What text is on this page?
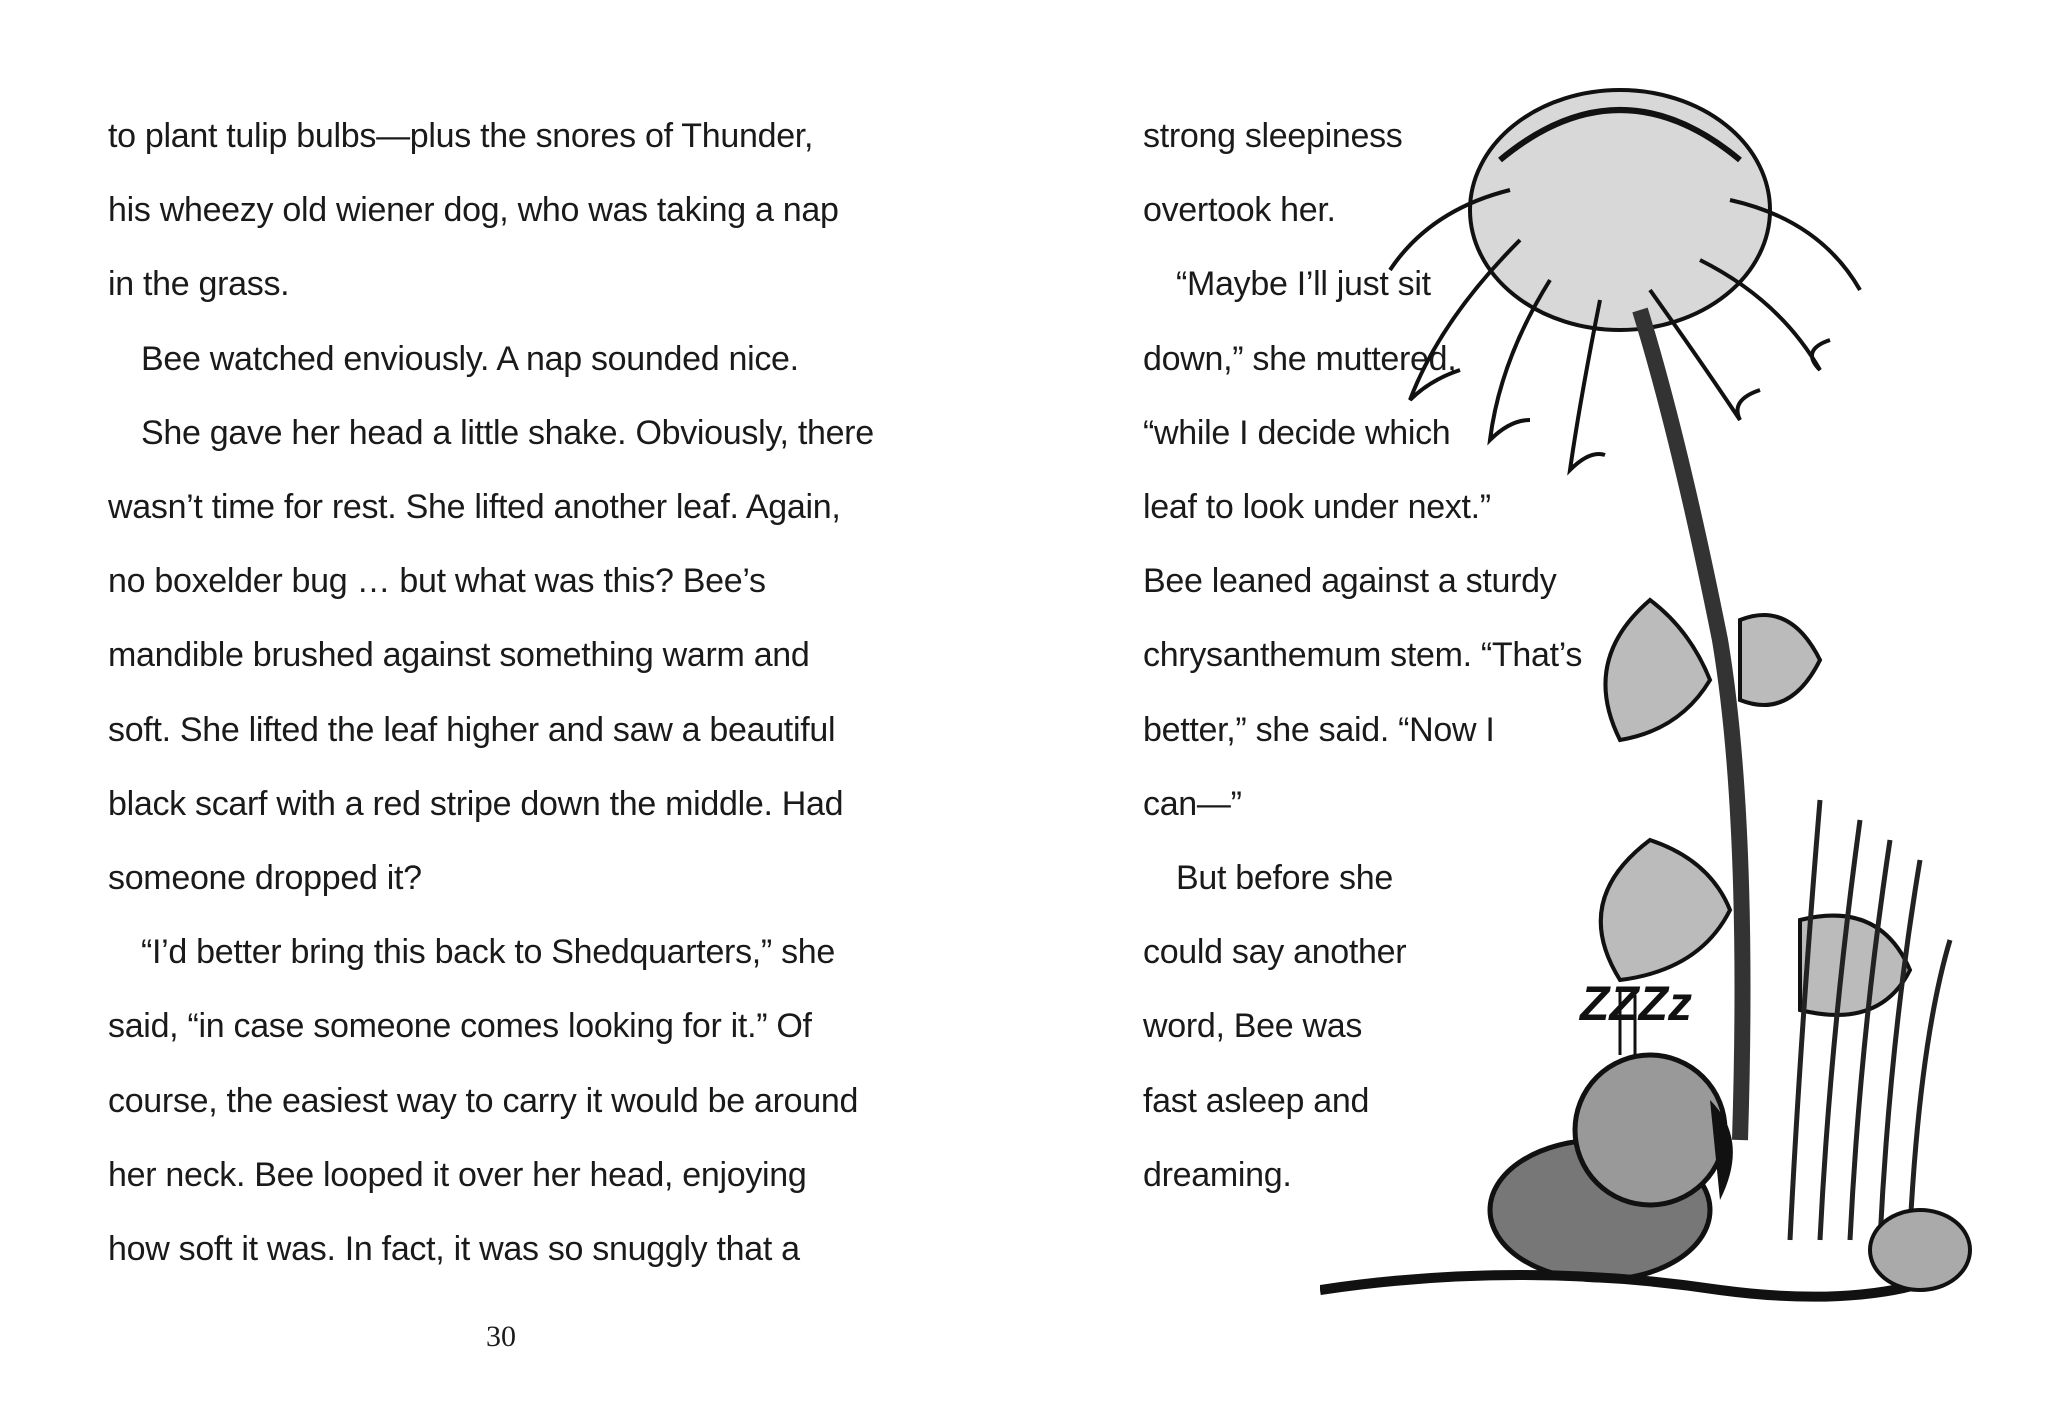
to plant tulip bulbs—plus the snores of Thunder,
his wheezy old wiener dog, who was taking a nap
in the grass.
Bee watched enviously. A nap sounded nice.
She gave her head a little shake. Obviously, there
wasn’t time for rest. She lifted another leaf. Again,
no boxelder bug … but what was this? Bee’s
mandible brushed against something warm and
soft. She lifted the leaf higher and saw a beautiful
black scarf with a red stripe down the middle. Had
someone dropped it?
“I’d better bring this back to Shedquarters,” she
said, “in case someone comes looking for it.” Of
course, the easiest way to carry it would be around
her neck. Bee looped it over her head, enjoying
how soft it was. In fact, it was so snuggly that a
strong sleepiness
overtook her.
“Maybe I’ll just sit
down,” she muttered,
“while I decide which
leaf to look under next.”
Bee leaned against a sturdy
chrysanthemum stem. “That’s
better,” she said. “Now I
can—”
But before she
could say another
word, Bee was
fast asleep and
dreaming.
30
ZZZz
